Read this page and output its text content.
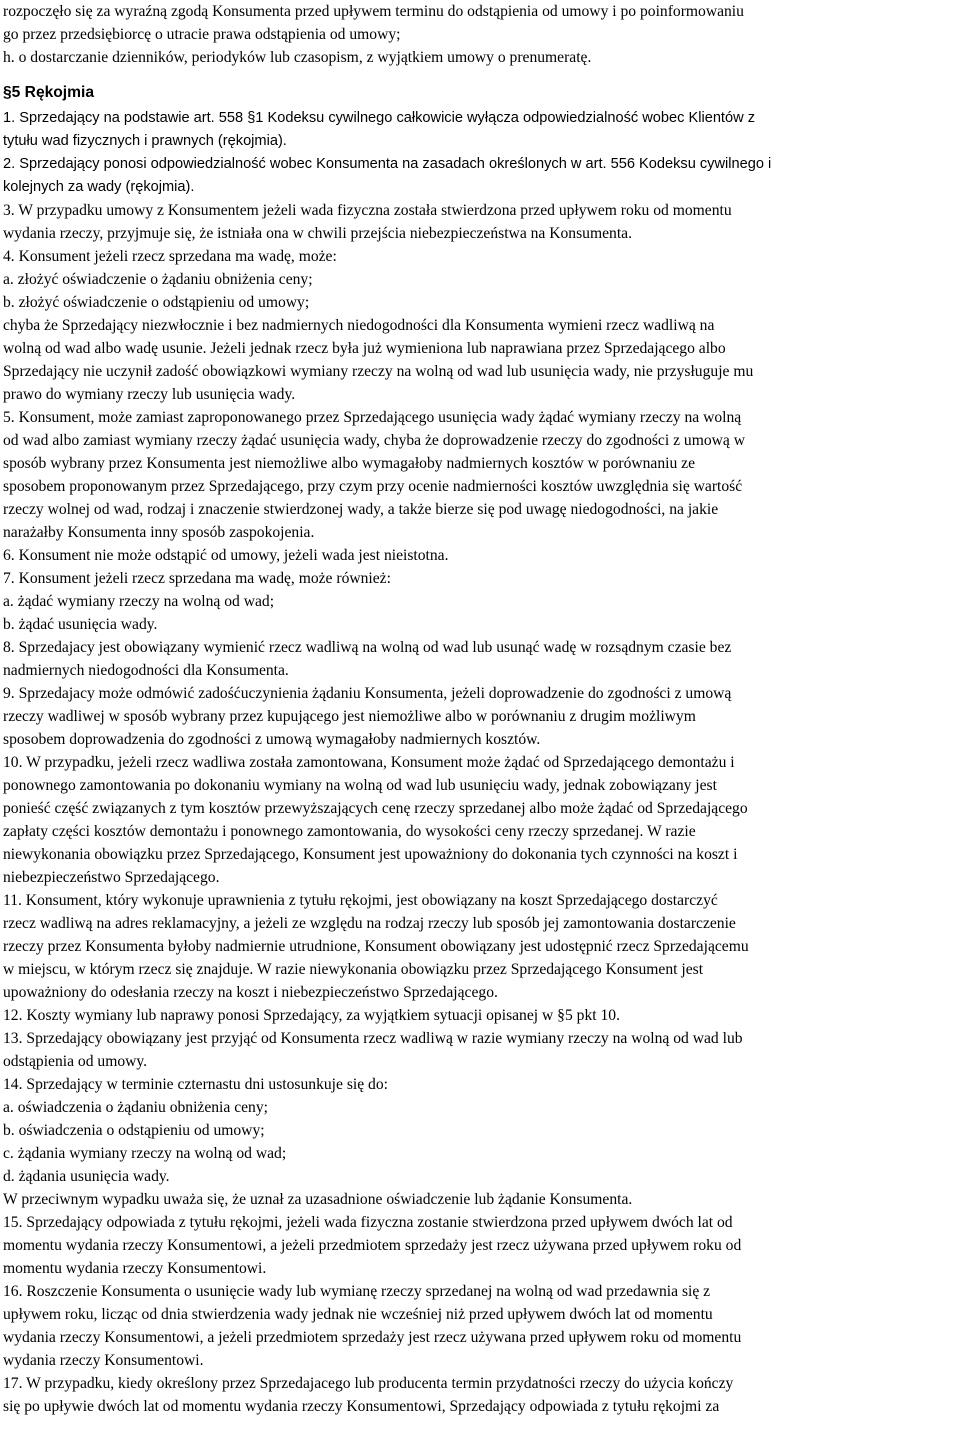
rozpoczęło się za wyraźną zgodą Konsumenta przed upływem terminu do odstąpienia od umowy i po poinformowaniu
go przez przedsiębiorcę o utracie prawa odstąpienia od umowy;
h. o dostarczanie dzienników, periodyków lub czasopism, z wyjątkiem umowy o prenumeratę.
§5 Rękojmia
1. Sprzedający na podstawie art. 558 §1 Kodeksu cywilnego całkowicie wyłącza odpowiedzialność wobec Klientów z
tytułu wad fizycznych i prawnych (rękojmia).
2. Sprzedający ponosi odpowiedzialność wobec Konsumenta na zasadach określonych w art. 556 Kodeksu cywilnego i
kolejnych za wady (rękojmia).
3. W przypadku umowy z Konsumentem jeżeli wada fizyczna została stwierdzona przed upływem roku od momentu
wydania rzeczy, przyjmuje się, że istniała ona w chwili przejścia niebezpieczeństwa na Konsumenta.
4. Konsument jeżeli rzecz sprzedana ma wadę, może:
a. złożyć oświadczenie o żądaniu obniżenia ceny;
b. złożyć oświadczenie o odstąpieniu od umowy;
chyba że Sprzedający niezwłocznie i bez nadmiernych niedogodności dla Konsumenta wymieni rzecz wadliwą na
wolną od wad albo wadę usunie. Jeżeli jednak rzecz była już wymieniona lub naprawiana przez Sprzedającego albo
Sprzedający nie uczynił zadość obowiązkowi wymiany rzeczy na wolną od wad lub usunięcia wady, nie przysługuje mu
prawo do wymiany rzeczy lub usunięcia wady.
5. Konsument, może zamiast zaproponowanego przez Sprzedającego usunięcia wady żądać wymiany rzeczy na wolną
od wad albo zamiast wymiany rzeczy żądać usunięcia wady, chyba że doprowadzenie rzeczy do zgodności z umową w
sposób wybrany przez Konsumenta jest niemożliwe albo wymagałoby nadmiernych kosztów w porównaniu ze
sposobem proponowanym przez Sprzedającego, przy czym przy ocenie nadmierności kosztów uwzględnia się wartość
rzeczy wolnej od wad, rodzaj i znaczenie stwierdzonej wady, a także bierze się pod uwagę niedogodności, na jakie
narażałby Konsumenta inny sposób zaspokojenia.
6. Konsument nie może odstąpić od umowy, jeżeli wada jest nieistotna.
7. Konsument jeżeli rzecz sprzedana ma wadę, może również:
a. żądać wymiany rzeczy na wolną od wad;
b. żądać usunięcia wady.
8. Sprzedajacy jest obowiązany wymienić rzecz wadliwą na wolną od wad lub usunąć wadę w rozsądnym czasie bez
nadmiernych niedogodności dla Konsumenta.
9. Sprzedajacy może odmówić zadośćuczynienia żądaniu Konsumenta, jeżeli doprowadzenie do zgodności z umową
rzeczy wadliwej w sposób wybrany przez kupującego jest niemożliwe albo w porównaniu z drugim możliwym
sposobem doprowadzenia do zgodności z umową wymagałoby nadmiernych kosztów.
10. W przypadku, jeżeli rzecz wadliwa została zamontowana, Konsument może żądać od Sprzedającego demontażu i
ponownego zamontowania po dokonaniu wymiany na wolną od wad lub usunięciu wady, jednak zobowiązany jest
ponieść część związanych z tym kosztów przewyższających cenę rzeczy sprzedanej albo może żądać od Sprzedającego
zapłaty części kosztów demontażu i ponownego zamontowania, do wysokości ceny rzeczy sprzedanej. W razie
niewykonania obowiązku przez Sprzedającego, Konsument jest upoważniony do dokonania tych czynności na koszt i
niebezpieczeństwo Sprzedającego.
11. Konsument, który wykonuje uprawnienia z tytułu rękojmi, jest obowiązany na koszt Sprzedającego dostarczyć
rzecz wadliwą na adres reklamacyjny, a jeżeli ze względu na rodzaj rzeczy lub sposób jej zamontowania dostarczenie
rzeczy przez Konsumenta byłoby nadmiernie utrudnione, Konsument obowiązany jest udostępnić rzecz Sprzedającemu
w miejscu, w którym rzecz się znajduje. W razie niewykonania obowiązku przez Sprzedającego Konsument jest
upoważniony do odesłania rzeczy na koszt i niebezpieczeństwo Sprzedającego.
12. Koszty wymiany lub naprawy ponosi Sprzedający, za wyjątkiem sytuacji opisanej w §5 pkt 10.
13. Sprzedający obowiązany jest przyjąć od Konsumenta rzecz wadliwą w razie wymiany rzeczy na wolną od wad lub
odstąpienia od umowy.
14. Sprzedający w terminie czternastu dni ustosunkuje się do:
a. oświadczenia o żądaniu obniżenia ceny;
b. oświadczenia o odstąpieniu od umowy;
c. żądania wymiany rzeczy na wolną od wad;
d. żądania usunięcia wady.
W przeciwnym wypadku uważa się, że uznał za uzasadnione oświadczenie lub żądanie Konsumenta.
15. Sprzedający odpowiada z tytułu rękojmi, jeżeli wada fizyczna zostanie stwierdzona przed upływem dwóch lat od
momentu wydania rzeczy Konsumentowi, a jeżeli przedmiotem sprzedaży jest rzecz używana przed upływem roku od
momentu wydania rzeczy Konsumentowi.
16. Roszczenie Konsumenta o usunięcie wady lub wymianę rzeczy sprzedanej na wolną od wad przedawnia się z
upływem roku, licząc od dnia stwierdzenia wady jednak nie wcześniej niż przed upływem dwóch lat od momentu
wydania rzeczy Konsumentowi, a jeżeli przedmiotem sprzedaży jest rzecz używana przed upływem roku od momentu
wydania rzeczy Konsumentowi.
17. W przypadku, kiedy określony przez Sprzedajacego lub producenta termin przydatności rzeczy do użycia kończy
się po upływie dwóch lat od momentu wydania rzeczy Konsumentowi, Sprzedający odpowiada z tytułu rękojmi za
